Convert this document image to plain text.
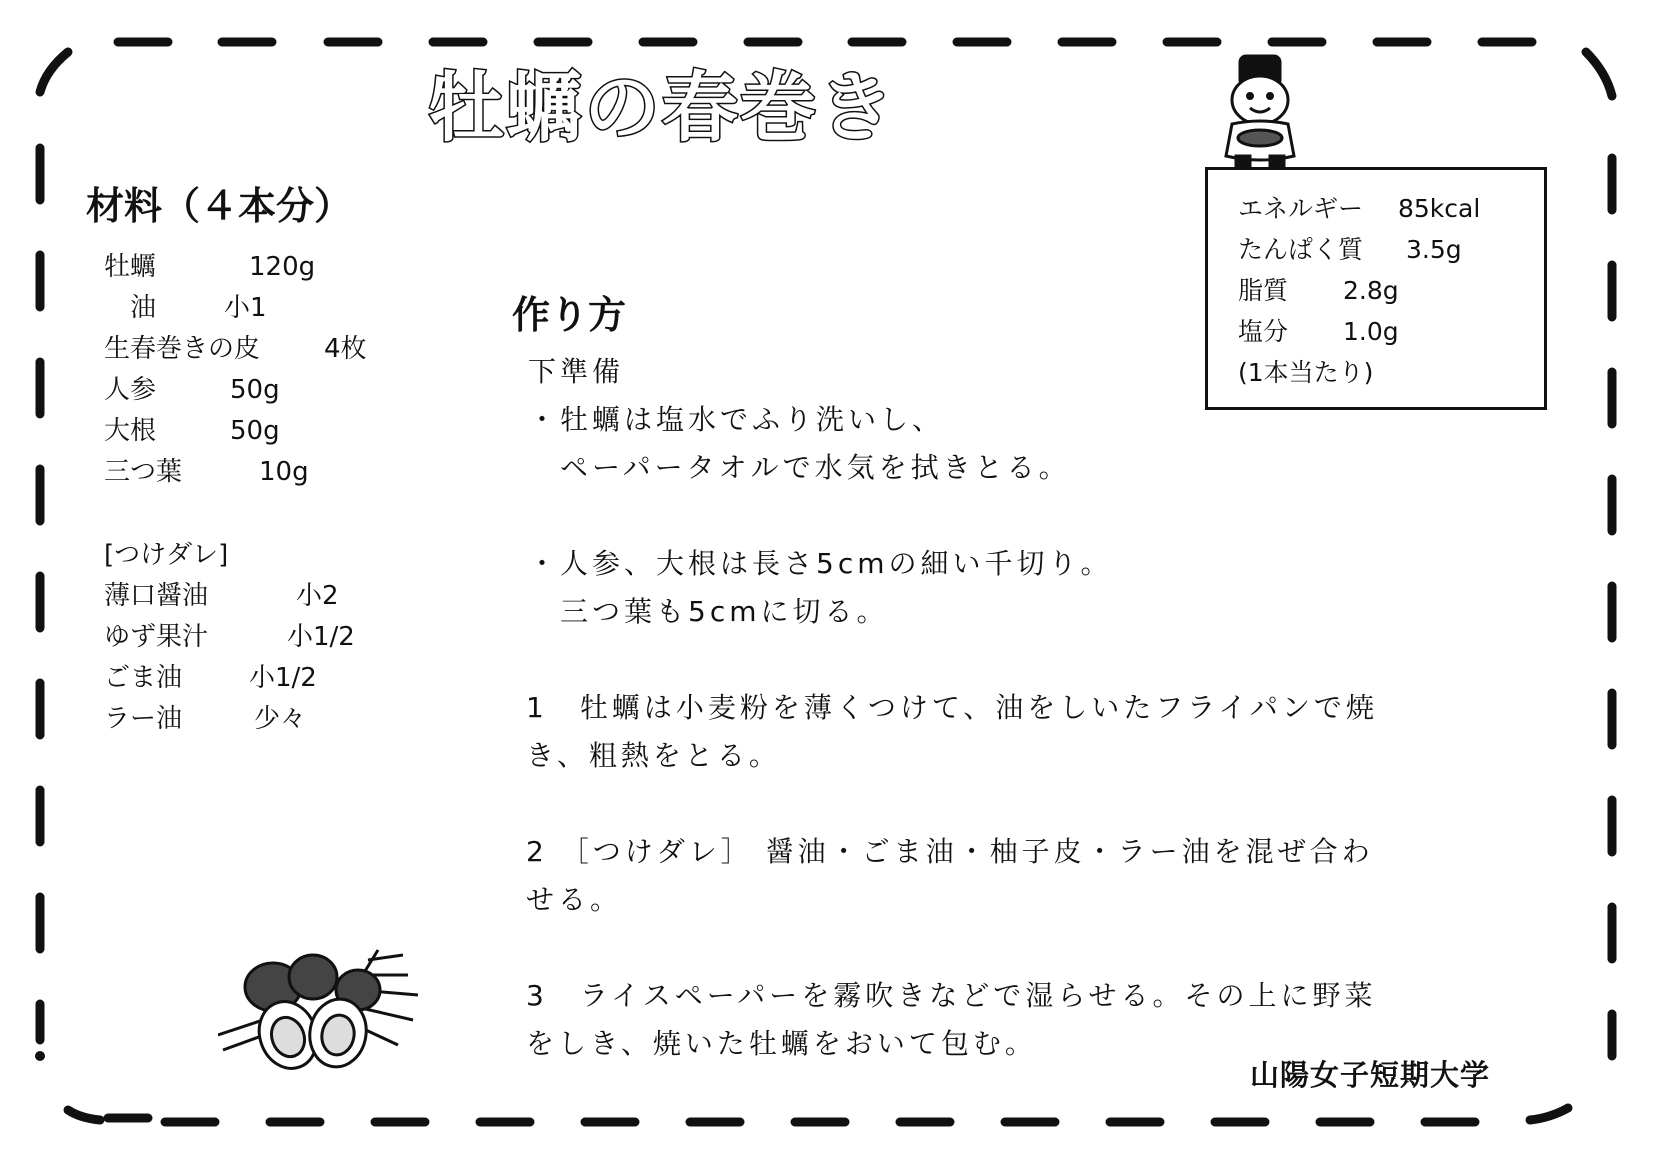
牡蠣の春巻き
材料（４本分）
牡蠣	120g
　油	小1
生春巻きの皮	4枚
人参	50g
大根	50g
三つ葉	10g
[つけダレ]
薄口醤油	小2
ゆず果汁	小1/2
ごま油	小1/2
ラー油	少々
エネルギー	85kcal
たんぱく質	3.5g
脂質	2.8g
塩分	1.0g
(1本当たり)
作り方

下準備

・牡蠣は塩水でふり洗いし、

　ペーパータオルで水気を拭きとる。

・人参、大根は長さ5cmの細い千切り。

　三つ葉も5cmに切る。

1　牡蠣は小麦粉を薄くつけて、油をしいたフライパンで焼

き、粗熱をとる。

2 ［つけダレ］ 醤油・ごま油・柚子皮・ラー油を混ぜ合わ

せる。

3　ライスペーパーを霧吹きなどで湿らせる。その上に野菜

をしき、焼いた牡蠣をおいて包む。

山陽女子短期大学
